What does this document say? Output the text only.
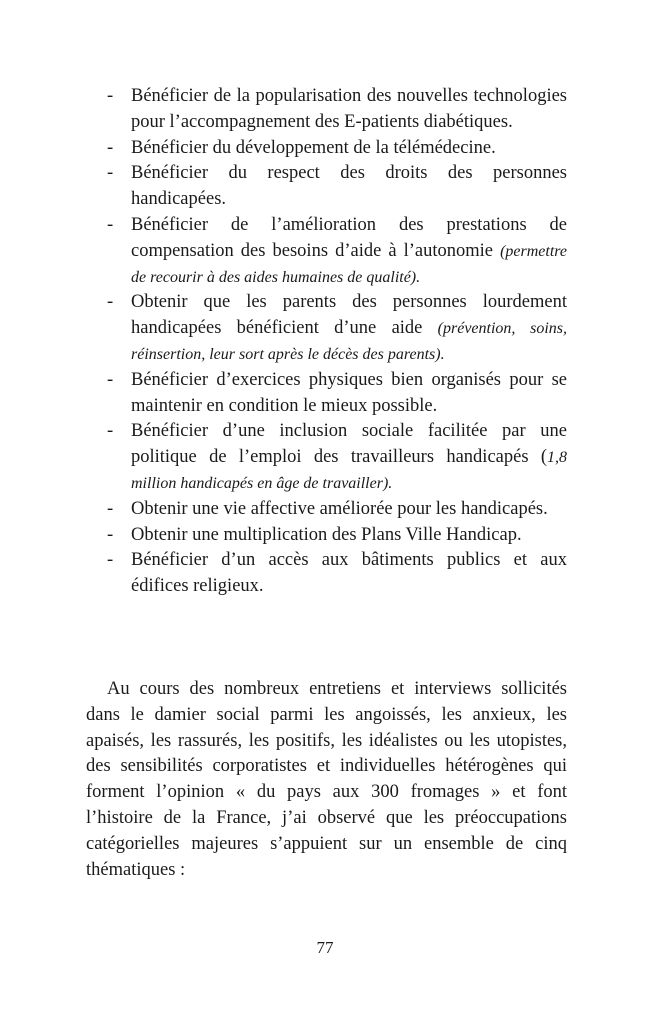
- Bénéficier de la popularisation des nouvelles technologies pour l’accompagnement des E-patients diabétiques.
- Bénéficier du développement de la télémédecine.
- Bénéficier du respect des droits des personnes handicapées.
- Bénéficier de l’amélioration des prestations de compensation des besoins d’aide à l’autonomie (permettre de recourir à des aides humaines de qualité).
- Obtenir que les parents des personnes lourdement handicapées bénéficient d’une aide (prévention, soins, réinsertion, leur sort après le décès des parents).
- Bénéficier d’exercices physiques bien organisés pour se maintenir en condition le mieux possible.
- Bénéficier d’une inclusion sociale facilitée par une politique de l’emploi des travailleurs handicapés (1,8 million handicapés en âge de travailler).
- Obtenir une vie affective améliorée pour les handicapés.
- Obtenir une multiplication des Plans Ville Handicap.
- Bénéficier d’un accès aux bâtiments publics et aux édifices religieux.

Au cours des nombreux entretiens et interviews sollicités dans le damier social parmi les angoissés, les anxieux, les apaisés, les rassurés, les positifs, les idéalistes ou les utopistes, des sensibilités corporatistes et individuelles hétérogènes qui forment l’opinion « du pays aux 300 fromages » et font l’histoire de la France, j’ai observé que les préoccupations catégorielles majeures s’appuient sur un ensemble de cinq thématiques :

77
